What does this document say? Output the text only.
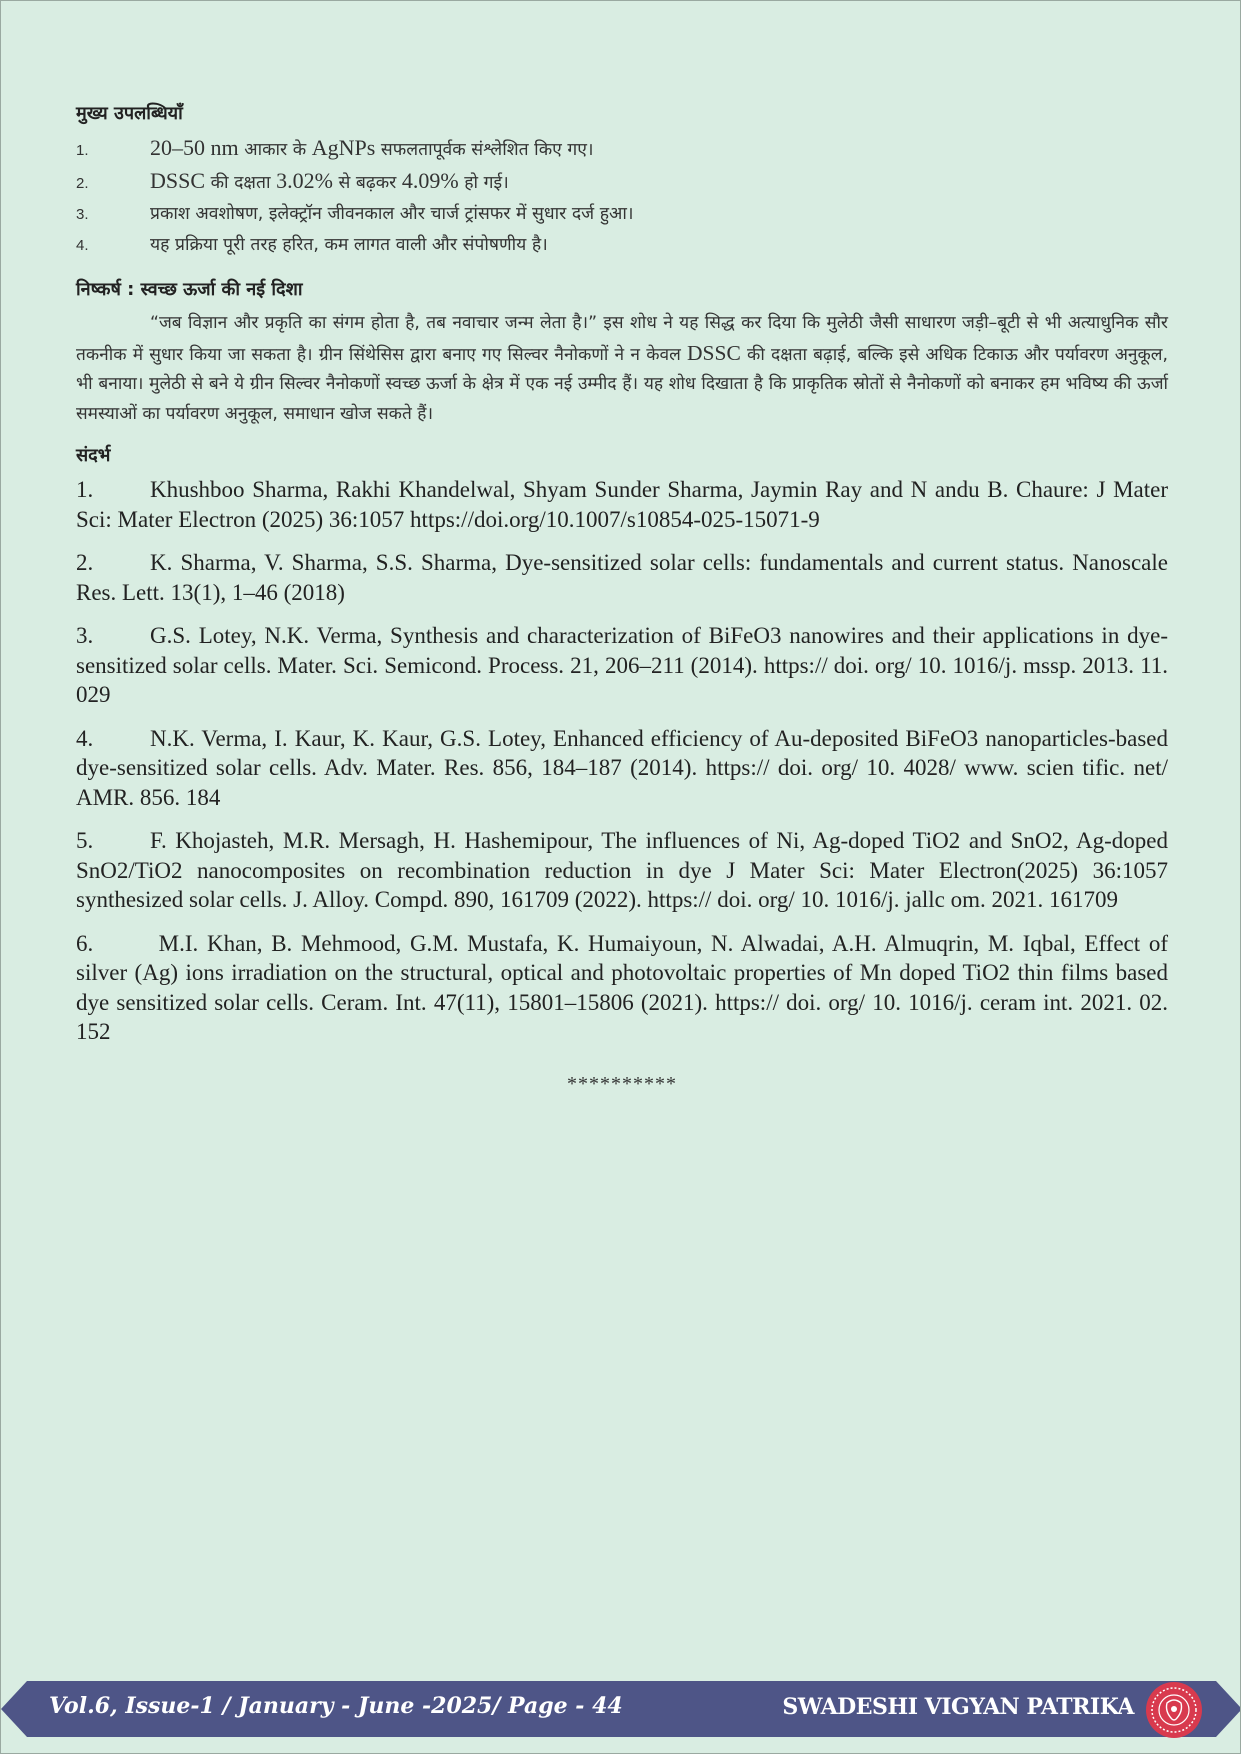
मुख्य उपलब्धियाँ
1.	20–50 nm आकार के AgNPs सफलतापूर्वक संश्लेशित किए गए।
2.	DSSC की दक्षता 3.02% से बढ़कर 4.09% हो गई।
3.	प्रकाश अवशोषण, इलेक्ट्रॉन जीवनकाल और चार्ज ट्रांसफर में सुधार दर्ज हुआ।
4.	यह प्रक्रिया पूरी तरह हरित, कम लागत वाली और संपोषणीय है।
निष्कर्ष : स्वच्छ ऊर्जा की नई दिशा

“जब विज्ञान और प्रकृति का संगम होता है, तब नवाचार जन्म लेता है।” इस शोध ने यह सिद्ध कर दिया कि मुलेठी जैसी साधारण जड़ी–बूटी से भी अत्याधुनिक सौर तकनीक में सुधार किया जा सकता है। ग्रीन सिंथेसिस द्वारा बनाए गए सिल्वर नैनोकणों ने न केवल DSSC की दक्षता बढ़ाई, बल्कि इसे अधिक टिकाऊ और पर्यावरण अनुकूल, भी बनाया। मुलेठी से बने ये ग्रीन सिल्वर नैनोकणों स्वच्छ ऊर्जा के क्षेत्र में एक नई उम्मीद हैं। यह शोध दिखाता है कि प्राकृतिक स्रोतों से नैनोकणों को बनाकर हम भविष्य की ऊर्जा समस्याओं का पर्यावरण अनुकूल, समाधान खोज सकते हैं।

संदर्भ

1. Khushboo Sharma, Rakhi Khandelwal, Shyam Sunder Sharma, Jaymin Ray and N andu B. Chaure: J Mater Sci: Mater Electron (2025) 36:1057 https://doi.org/10.1007/s10854-025-15071-9

2. K. Sharma, V. Sharma, S.S. Sharma, Dye-sensitized solar cells: fundamentals and current status. Nanoscale Res. Lett. 13(1), 1–46 (2018)

3. G.S. Lotey, N.K. Verma, Synthesis and characterization of BiFeO3 nanowires and their applications in dye-sensitized solar cells. Mater. Sci. Semicond. Process. 21, 206–211 (2014). https:// doi. org/ 10. 1016/j. mssp. 2013. 11. 029

4. N.K. Verma, I. Kaur, K. Kaur, G.S. Lotey, Enhanced efficiency of Au-deposited BiFeO3 nanoparticles-based dye-sensitized solar cells. Adv. Mater. Res. 856, 184–187 (2014). https:// doi. org/ 10. 4028/ www. scien tific. net/ AMR. 856. 184

5. F. Khojasteh, M.R. Mersagh, H. Hashemipour, The influences of Ni, Ag-doped TiO2 and SnO2, Ag-doped SnO2/TiO2 nanocomposites on recombination reduction in dye J Mater Sci: Mater Electron(2025) 36:1057 synthesized solar cells. J. Alloy. Compd. 890, 161709 (2022). https:// doi. org/ 10. 1016/j. jallc om. 2021. 161709

6. M.I. Khan, B. Mehmood, G.M. Mustafa, K. Humaiyoun, N. Alwadai, A.H. Almuqrin, M. Iqbal, Effect of silver (Ag) ions irradiation on the structural, optical and photovoltaic properties of Mn doped TiO2 thin films based dye sensitized solar cells. Ceram. Int. 47(11), 15801–15806 (2021). https:// doi. org/ 10. 1016/j. ceram int. 2021. 02. 152

**********
Vol.6, Issue-1 / January - June -2025/ Page - 44	SWADESHI VIGYAN PATRIKA
